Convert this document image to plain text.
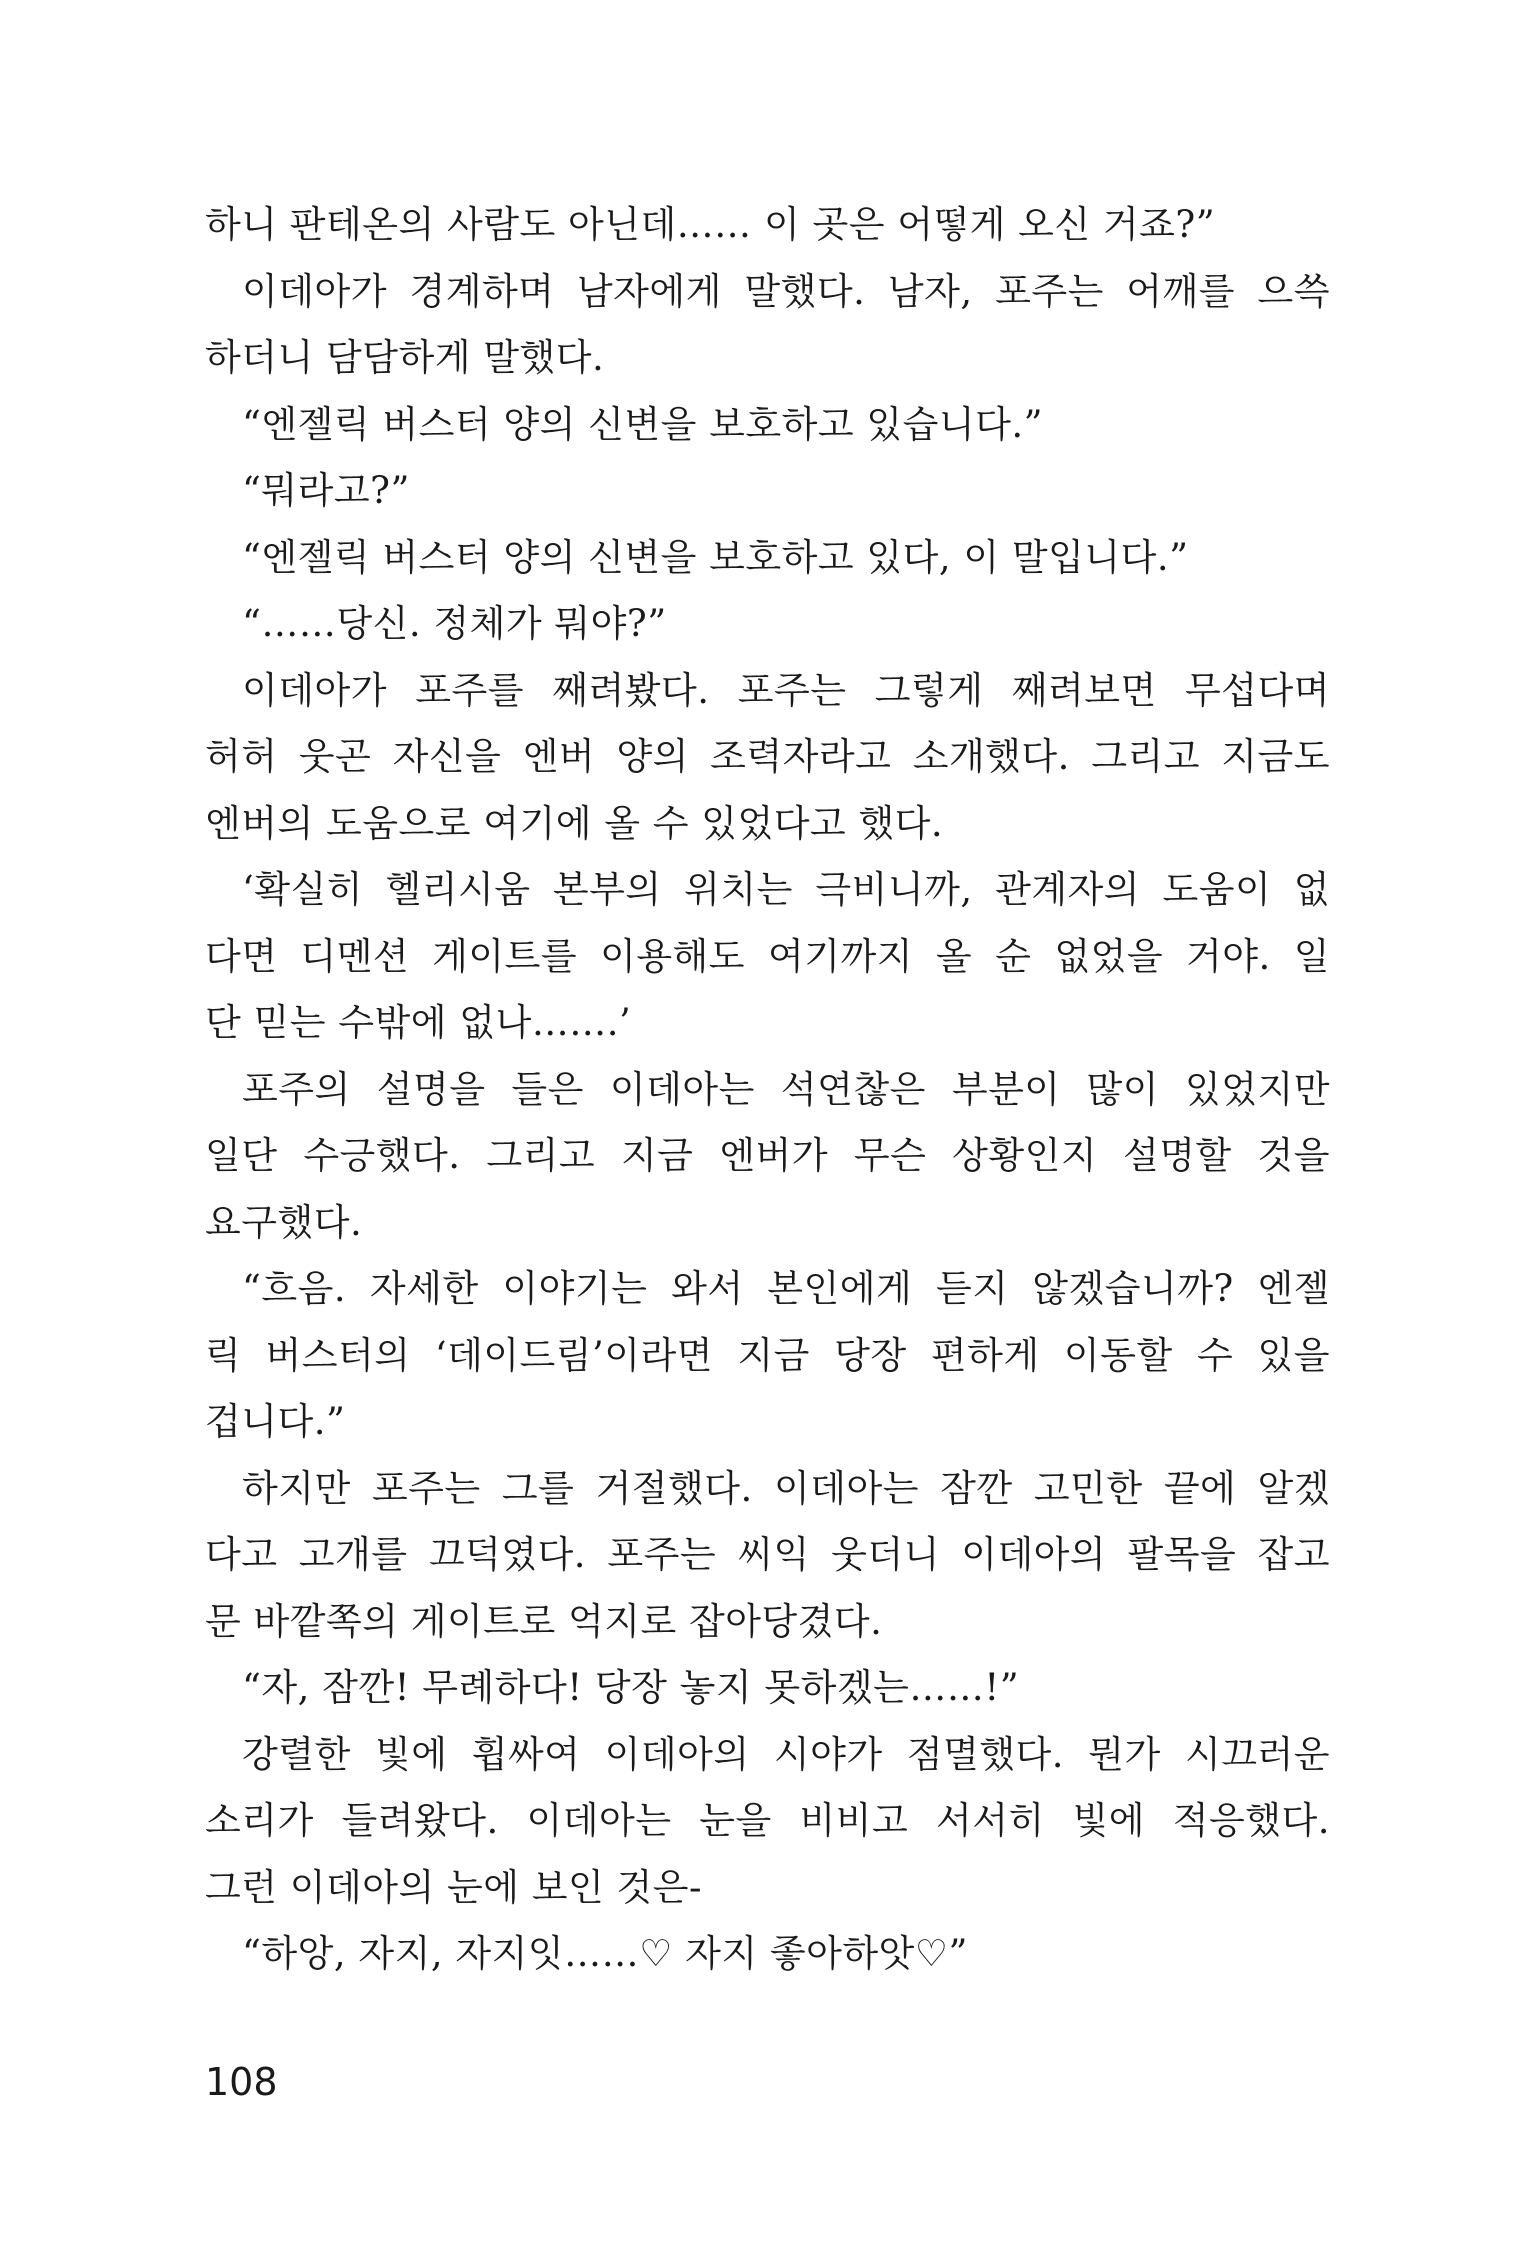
하니 판테온의 사람도 아닌데…… 이 곳은 어떻게 오신 거죠?”
이데아가 경계하며 남자에게 말했다. 남자, 포주는 어깨를 으쓱
하더니 담담하게 말했다.
“엔젤릭 버스터 양의 신변을 보호하고 있습니다.”
“뭐라고?”
“엔젤릭 버스터 양의 신변을 보호하고 있다, 이 말입니다.”
“……당신. 정체가 뭐야?”
이데아가 포주를 째려봤다. 포주는 그렇게 째려보면 무섭다며
허허 웃곤 자신을 엔버 양의 조력자라고 소개했다. 그리고 지금도
엔버의 도움으로 여기에 올 수 있었다고 했다.
‘확실히 헬리시움 본부의 위치는 극비니까, 관계자의 도움이 없
다면 디멘션 게이트를 이용해도 여기까지 올 순 없었을 거야. 일
단 믿는 수밖에 없나…….’
포주의 설명을 들은 이데아는 석연찮은 부분이 많이 있었지만
일단 수긍했다. 그리고 지금 엔버가 무슨 상황인지 설명할 것을
요구했다.
“흐음. 자세한 이야기는 와서 본인에게 듣지 않겠습니까? 엔젤
릭 버스터의 ‘데이드림’이라면 지금 당장 편하게 이동할 수 있을
겁니다.”
하지만 포주는 그를 거절했다. 이데아는 잠깐 고민한 끝에 알겠
다고 고개를 끄덕였다. 포주는 씨익 웃더니 이데아의 팔목을 잡고
문 바깥쪽의 게이트로 억지로 잡아당겼다.
“자, 잠깐! 무례하다! 당장 놓지 못하겠는……!”
강렬한 빛에 휩싸여 이데아의 시야가 점멸했다. 뭔가 시끄러운
소리가 들려왔다. 이데아는 눈을 비비고 서서히 빛에 적응했다.
그런 이데아의 눈에 보인 것은-
“하앙, 자지, 자지잇……♡ 자지 좋아하앗♡”
108
